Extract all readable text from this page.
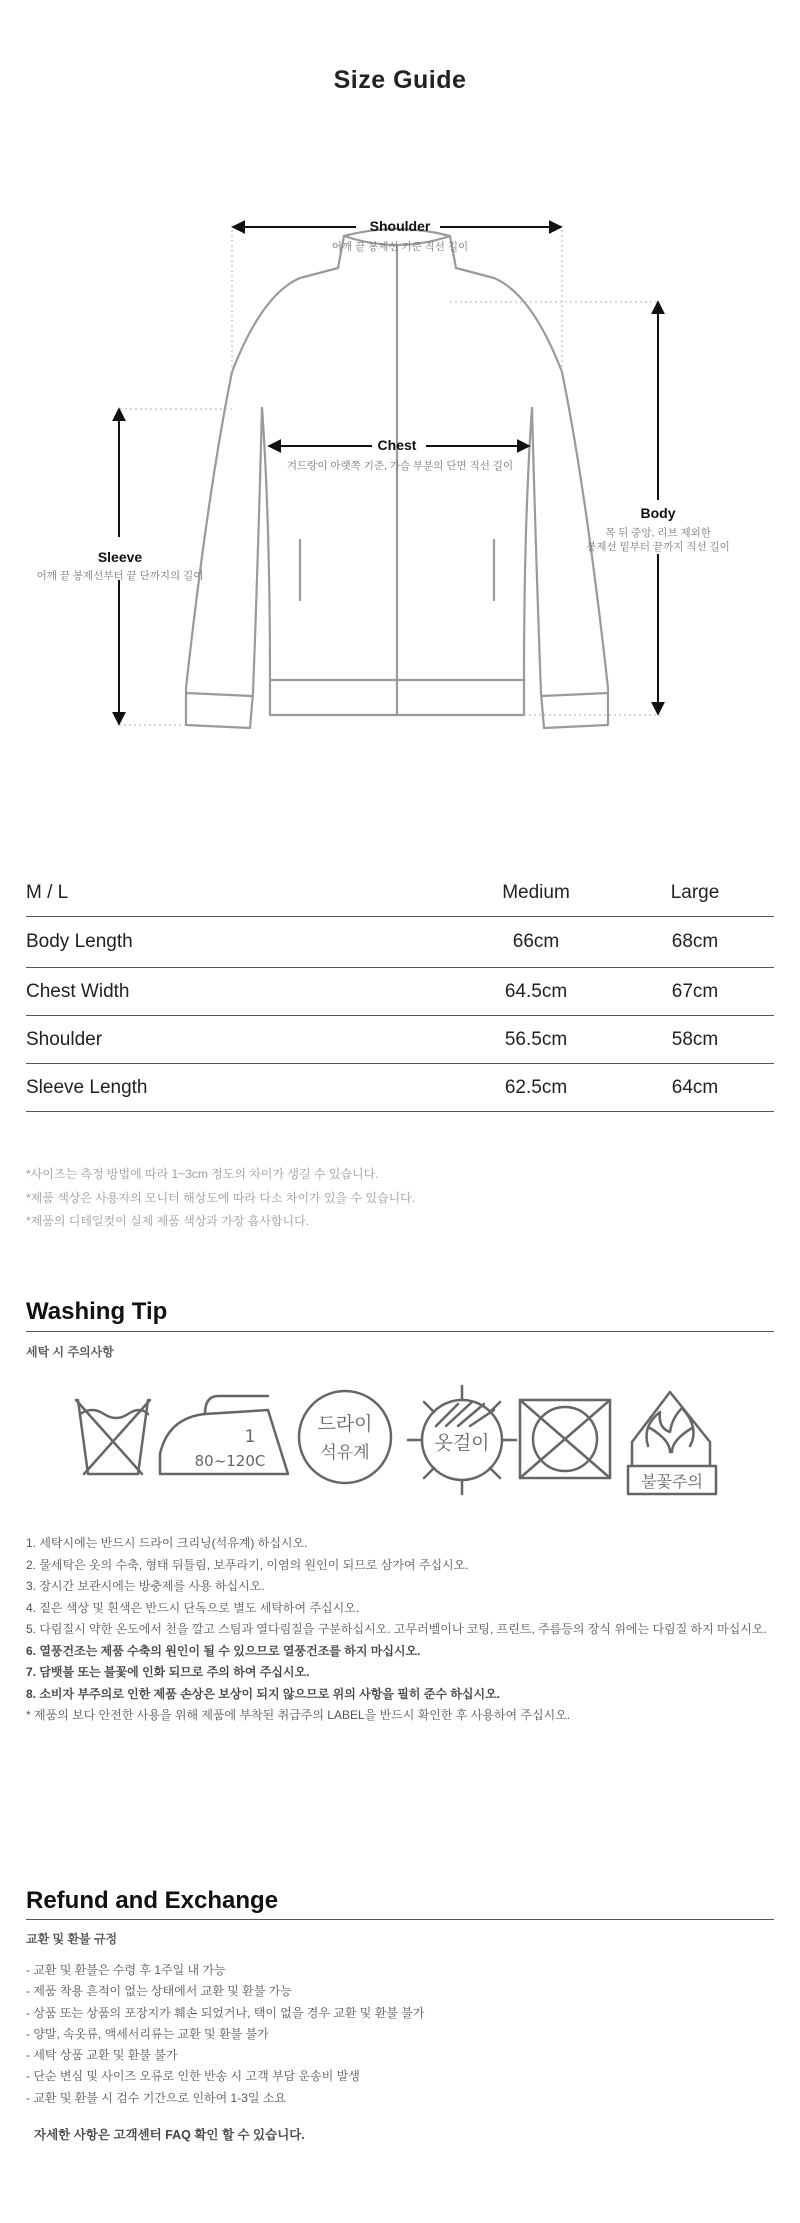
Size Guide
Shoulder
어깨 끝 봉제선 기준 직선 길이
Chest
겨드랑이 아랫쪽 기준, 가슴 부분의 단면 직선 길이
Body
목 뒤 중앙, 리브 제외한
봉제선 밑부터 끝까지 직선 길이
Sleeve
어깨 끝 봉제선부터 끝 단까지의 길이
M / L	Medium	Large
Body Length	66cm	68cm
Chest Width	64.5cm	67cm
Shoulder	56.5cm	58cm
Sleeve Length	62.5cm	64cm
*사이즈는 측정 방법에 따라 1~3cm 정도의 차이가 생길 수 있습니다.
*제품 색상은 사용자의 모니터 해상도에 따라 다소 차이가 있을 수 있습니다.
*제품의 디테일컷이 실제 제품 색상과 가장 흡사합니다.
Washing Tip
세탁 시 주의사항
1
80~120C
드라이
석유계	옷걸이
불꽃주의
1. 세탁시에는 반드시 드라이 크리닝(석유계) 하십시오.
2. 물세탁은 옷의 수축, 형태 뒤틀림, 보푸라기, 이염의 원인이 되므로 삼가여 주십시오.
3. 장시간 보관시에는 방충제를 사용 하십시오.
4. 짙은 색상 및 흰색은 반드시 단독으로 별도 세탁하여 주십시오.
5. 다림질시 약한 온도에서 천을 깔고 스팀과 열다림질을 구분하십시오. 고무러벨이나 코팅, 프린트, 주름등의 장식 위에는 다림질 하지 마십시오.
6. 열풍건조는 제품 수축의 원인이 될 수 있으므로 열풍건조를 하지 마십시오.
7. 담뱃불 또는 불꽃에 인화 되므로 주의 하여 주십시오.
8. 소비자 부주의로 인한 제품 손상은 보상이 되지 않으므로 위의 사항을 필히 준수 하십시오.
* 제품의 보다 안전한 사용을 위해 제품에 부착된 취급주의 LABEL을 반드시 확인한 후 사용하여 주십시오.
Refund and Exchange
교환 및 환불 규정
- 교환 및 환불은 수령 후 1주일 내 가능
- 제품 착용 흔적이 없는 상태에서 교환 및 환불 가능
- 상품 또는 상품의 포장지가 훼손 되었거나, 택이 없을 경우 교환 및 환불 불가
- 양말, 속옷류, 액세서리류는 교환 및 환불 불가
- 세탁 상품 교환 및 환불 불가
- 단순 변심 및 사이즈 오류로 인한 반송 시 고객 부담 운송비 발생
- 교환 및 환불 시 검수 기간으로 인하여 1-3일 소요
자세한 사항은 고객센터 FAQ 확인 할 수 있습니다.
